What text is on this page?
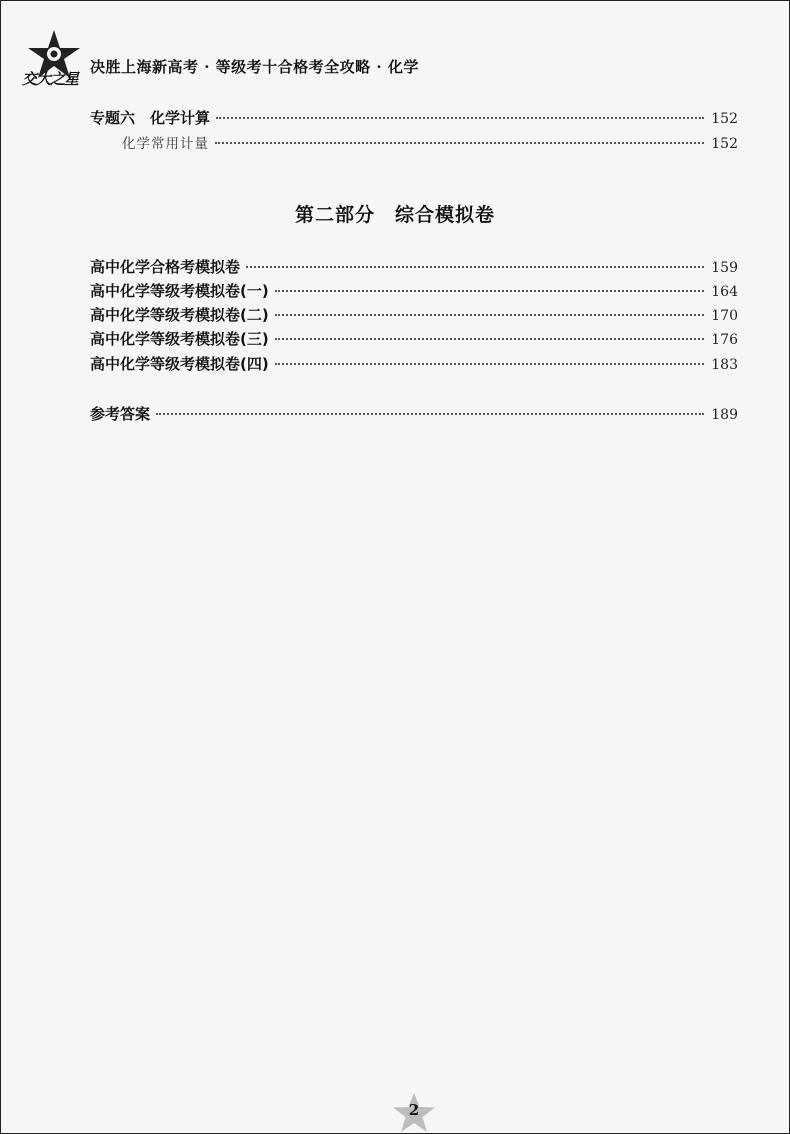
交大之星
决胜上海新高考 · 等级考十合格考全攻略 · 化学
专题六　化学计算	152
化学常用计量	152
第二部分　综合模拟卷
高中化学合格考模拟卷	159
高中化学等级考模拟卷(一)	164
高中化学等级考模拟卷(二)	170
高中化学等级考模拟卷(三)	176
高中化学等级考模拟卷(四)	183
参考答案	189
2
